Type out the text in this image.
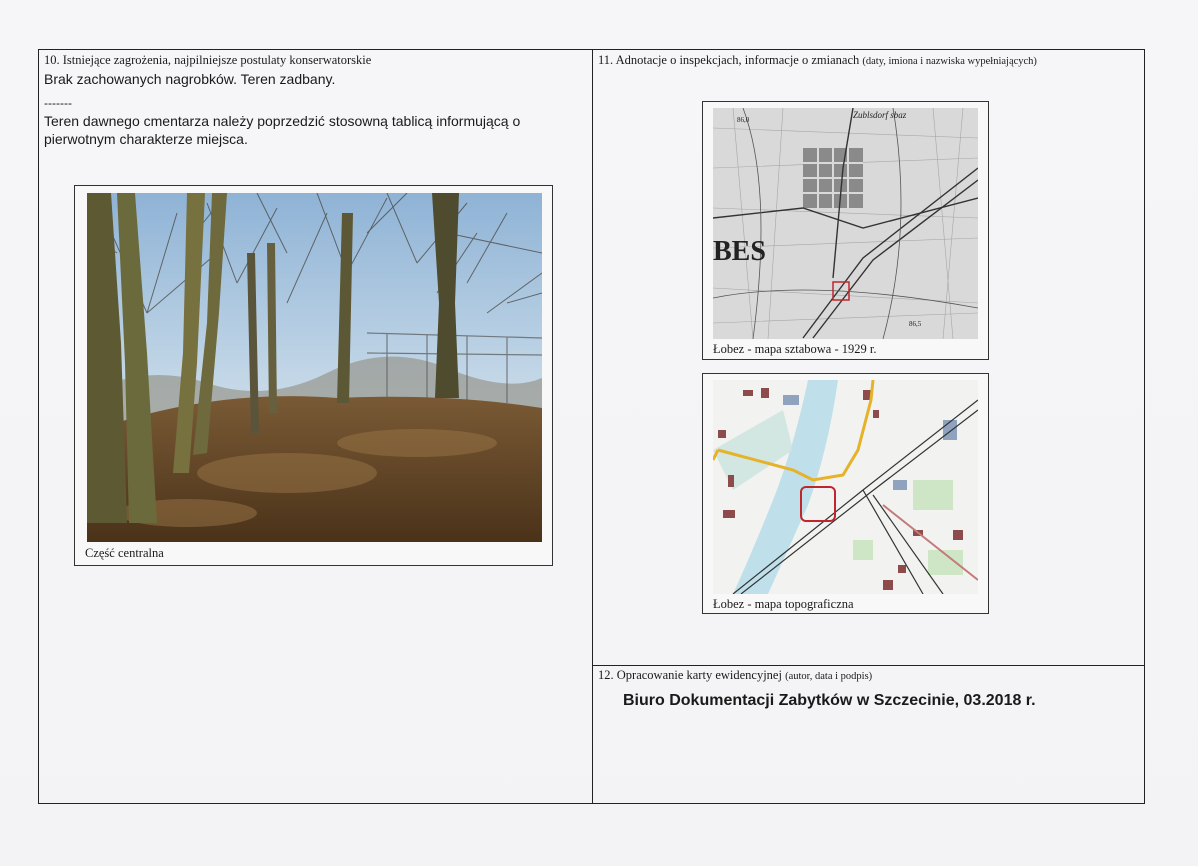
10. Istniejące zagrożenia, najpilniejsze postulaty konserwatorskie
Brak zachowanych nagrobków. Teren zadbany.
-------
Teren dawnego cmentarza należy poprzedzić stosowną tablicą informującą o
pierwotnym charakterze miejsca.
Część centralna
11. Adnotacje o inspekcjach, informacje o zmianach (daty, imiona i nazwiska wypełniających)
BES
Zublsdorf sbaz
86,0
86,5
Łobez - mapa sztabowa - 1929 r.
Łobez - mapa topograficzna
12. Opracowanie karty ewidencyjnej (autor, data i podpis)
Biuro Dokumentacji Zabytków w Szczecinie, 03.2018 r.
